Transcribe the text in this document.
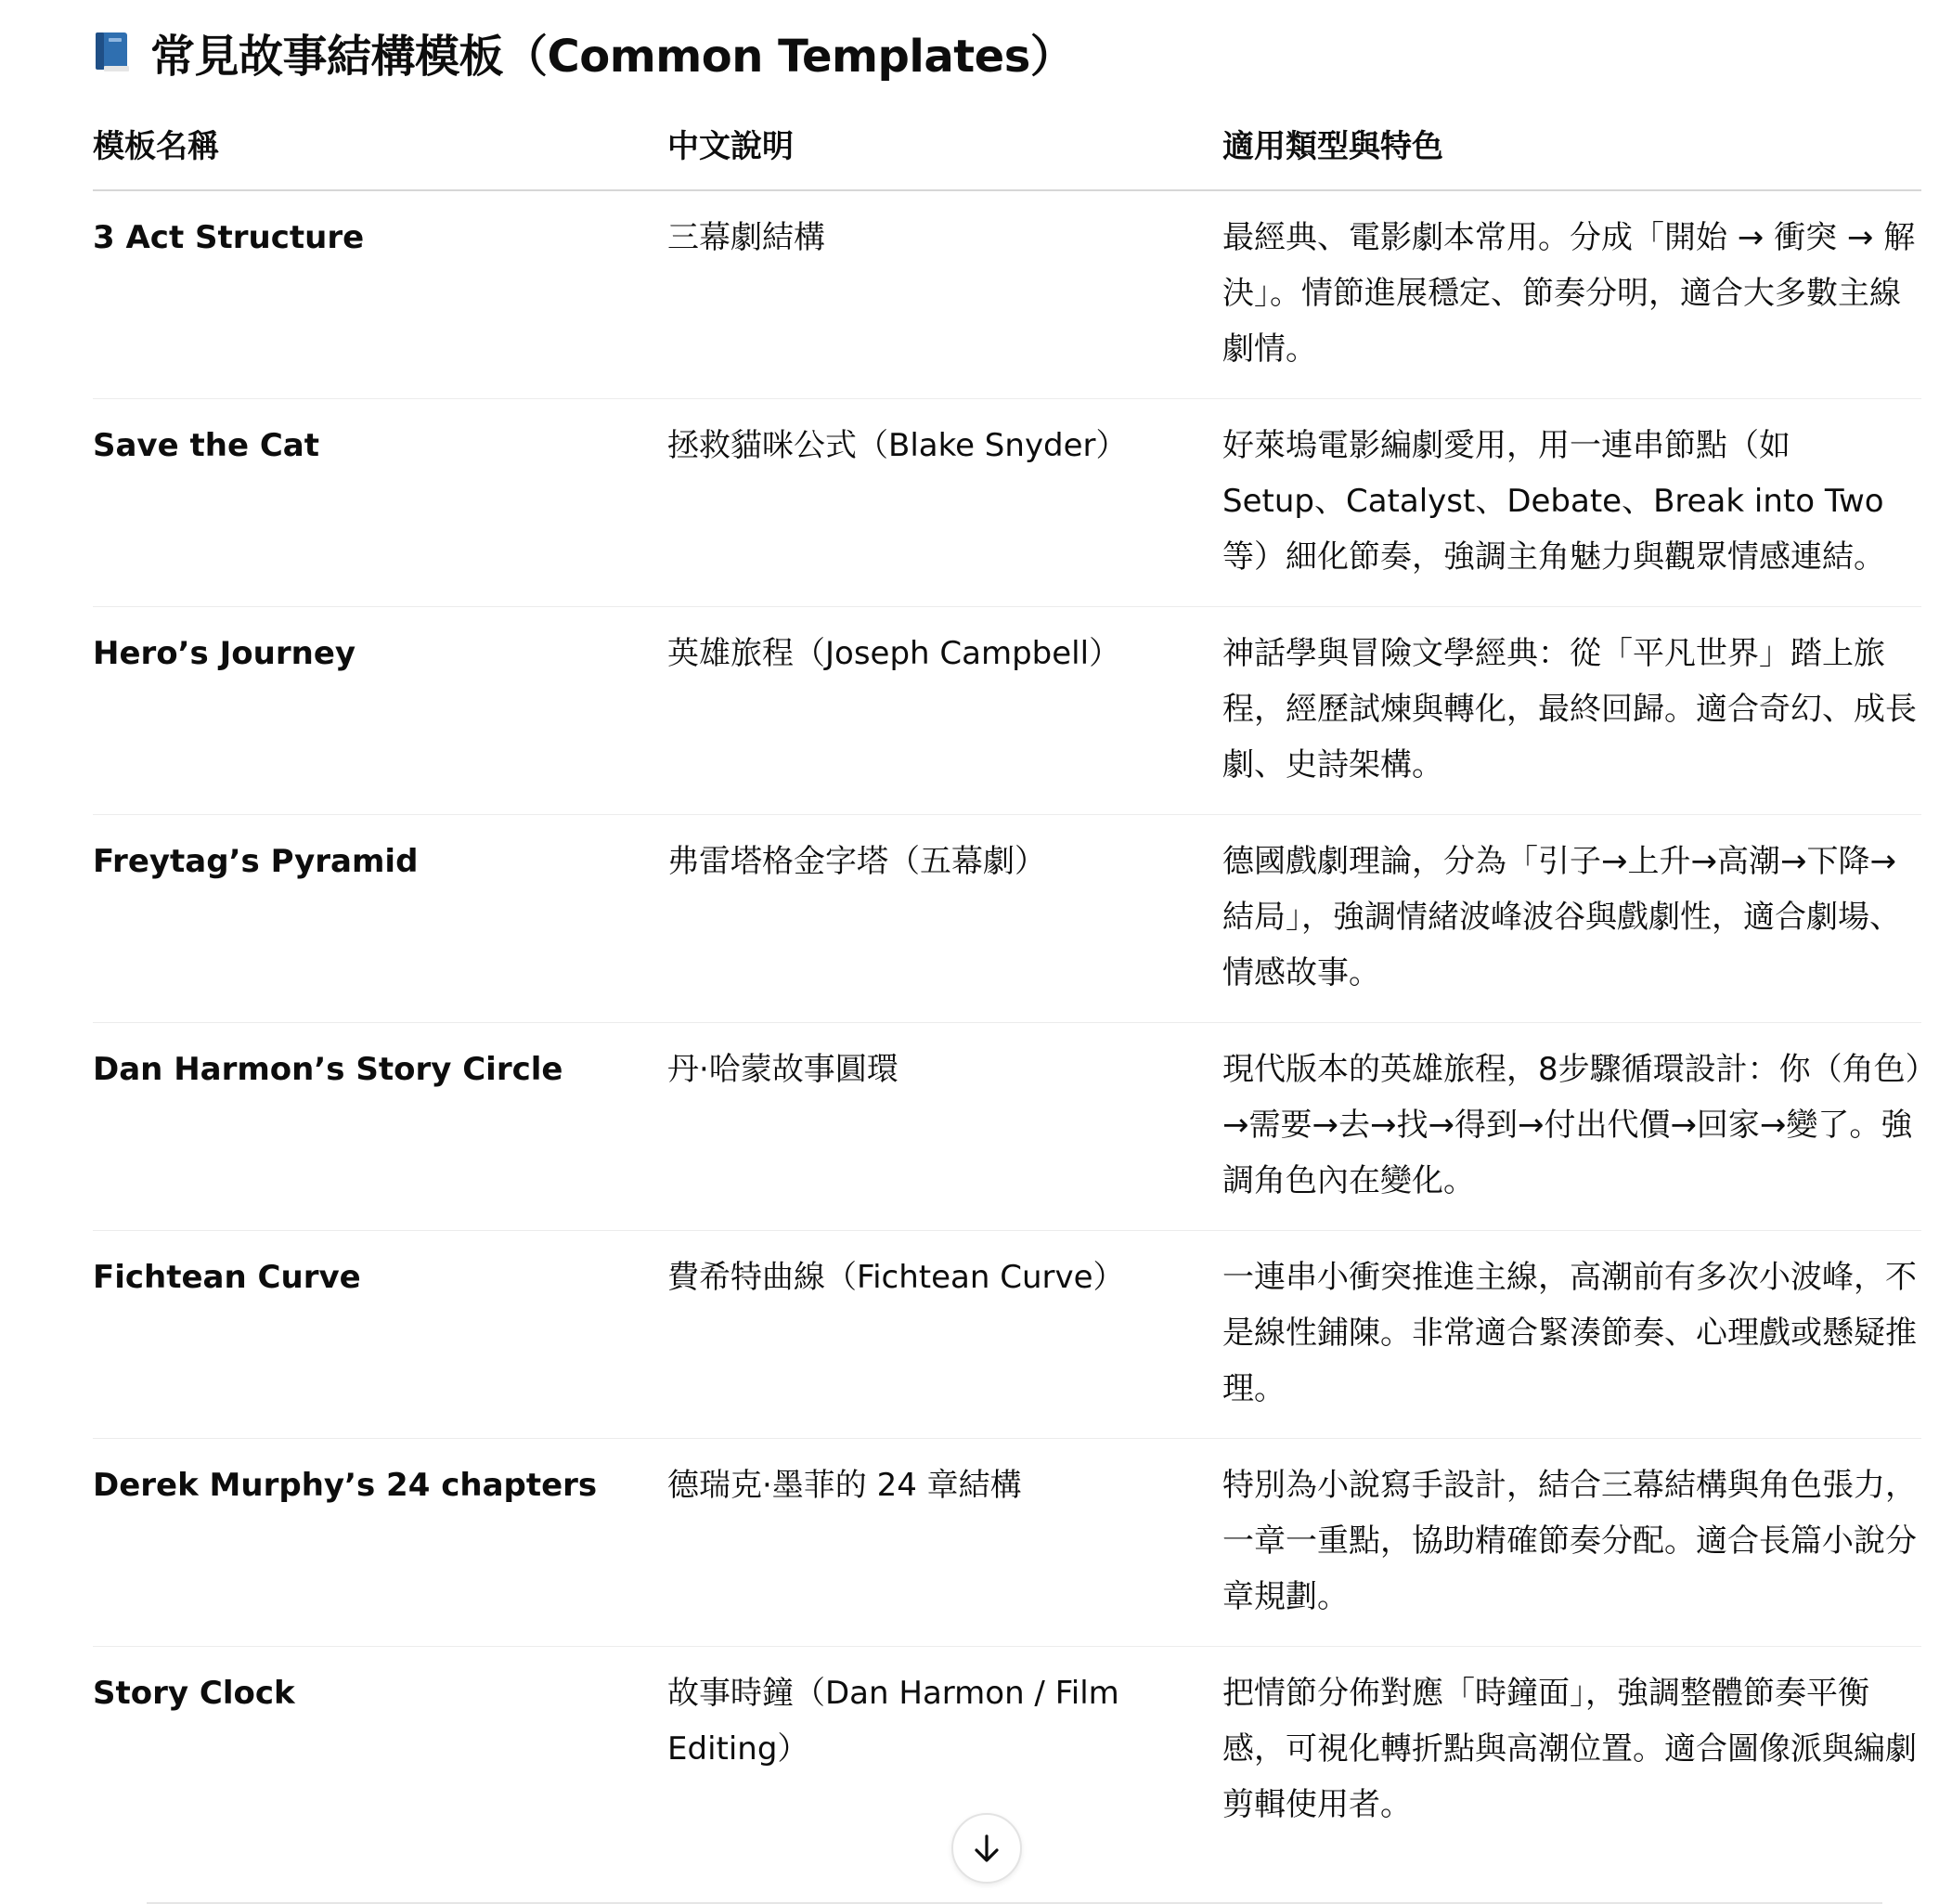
常見故事結構模板（Common Templates）
模板名稱	中文說明	適用類型與特色
3 Act Structure	三幕劇結構	最經典、電影劇本常用。分成「開始 → 衝突 → 解決」。情節進展穩定、節奏分明，適合大多數主線劇情。
Save the Cat	拯救貓咪公式（Blake Snyder）	好萊塢電影編劇愛用，用一連串節點（如 Setup、Catalyst、Debate、Break into Two 等）細化節奏，強調主角魅力與觀眾情感連結。
Hero’s Journey	英雄旅程（Joseph Campbell）	神話學與冒險文學經典：從「平凡世界」踏上旅程，經歷試煉與轉化，最終回歸。適合奇幻、成長劇、史詩架構。
Freytag’s Pyramid	弗雷塔格金字塔（五幕劇）	德國戲劇理論，分為「引子→上升→高潮→下降→結局」，強調情緒波峰波谷與戲劇性，適合劇場、情感故事。
Dan Harmon’s Story Circle	丹·哈蒙故事圓環	現代版本的英雄旅程，8步驟循環設計：你（角色）→需要→去→找→得到→付出代價→回家→變了。強調角色內在變化。
Fichtean Curve	費希特曲線（Fichtean Curve）	一連串小衝突推進主線，高潮前有多次小波峰，不是線性鋪陳。非常適合緊湊節奏、心理戲或懸疑推理。
Derek Murphy’s 24 chapters	德瑞克·墨菲的 24 章結構	特別為小說寫手設計，結合三幕結構與角色張力，一章一重點，協助精確節奏分配。適合長篇小說分章規劃。
Story Clock	故事時鐘（Dan Harmon / Film Editing）	把情節分佈對應「時鐘面」，強調整體節奏平衡感，可視化轉折點與高潮位置。適合圖像派與編劇剪輯使用者。
